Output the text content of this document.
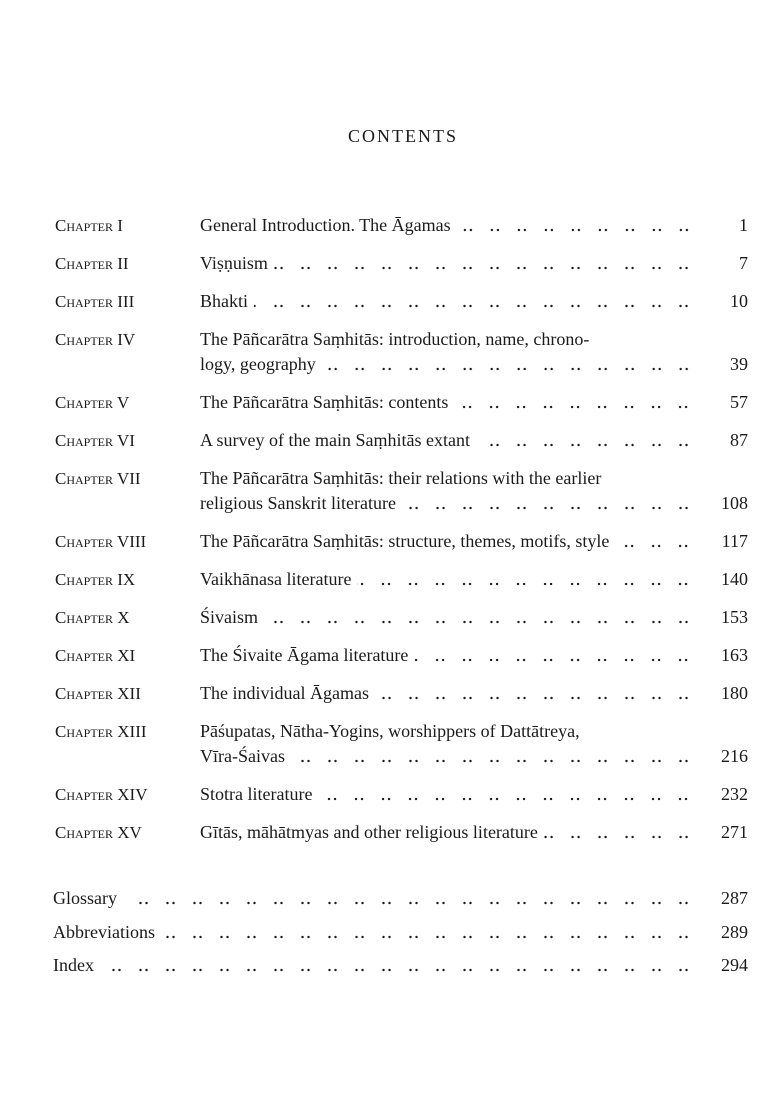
CONTENTS
Chapter I	General Introduction. The Āgamas	1
Chapter II	Viṣṇuism	7
Chapter III	Bhakti	10
Chapter IV	The Pāñcarātra Saṃhitās: introduction, name, chrono-
logy, geography	39
Chapter V	The Pāñcarātra Saṃhitās: contents	57
Chapter VI	A survey of the main Saṃhitās extant	87
Chapter VII	The Pāñcarātra Saṃhitās: their relations with the earlier
religious Sanskrit literature	108
Chapter VIII	The Pāñcarātra Saṃhitās: structure, themes, motifs, style	117
Chapter IX	Vaikhānasa literature	140
Chapter X	Śivaism	153
Chapter XI	The Śivaite Āgama literature	163
Chapter XII	The individual Āgamas	180
Chapter XIII	Pāśupatas, Nātha-Yogins, worshippers of Dattātreya,
Vīra-Śaivas	216
Chapter XIV	Stotra literature	232
Chapter XV	Gītās, māhātmyas and other religious literature	271
Glossary	287
Abbreviations	289
Index	294
